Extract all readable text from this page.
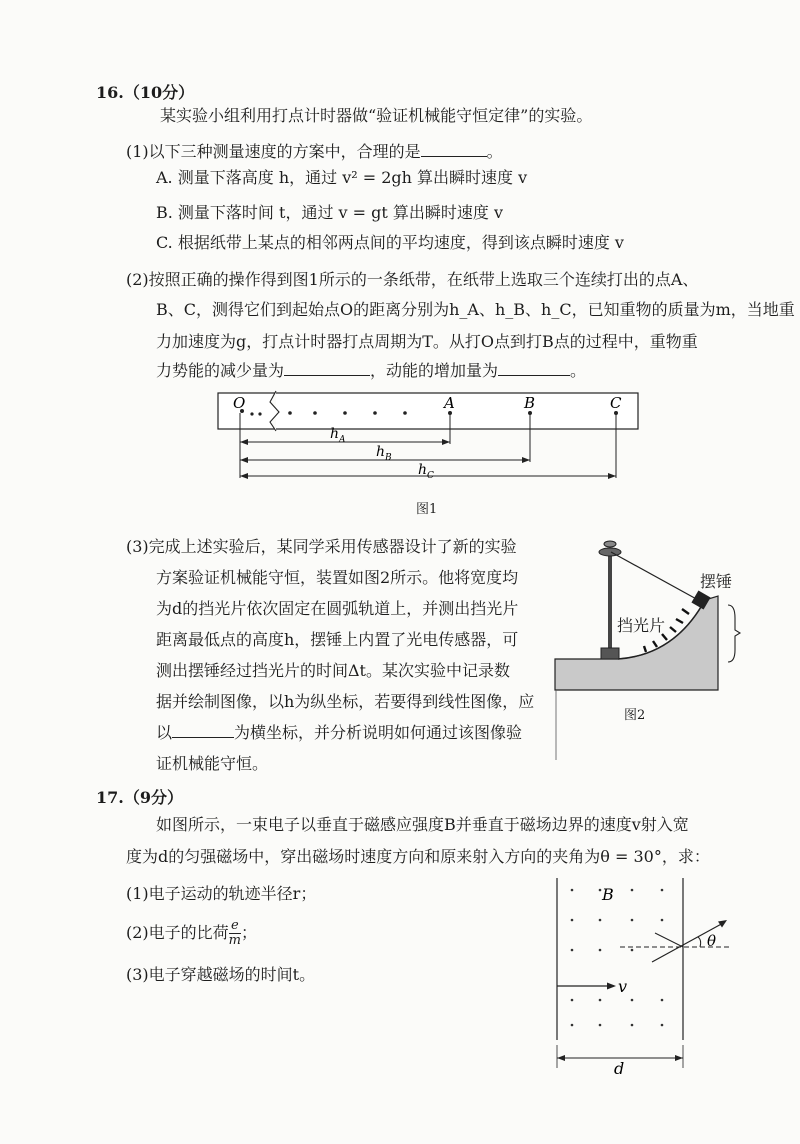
16.（10分）
某实验小组利用打点计时器做“验证机械能守恒定律”的实验。
(1)以下三种测量速度的方案中，合理的是	。
A. 测量下落高度 h，通过 v² = 2gh 算出瞬时速度 v
B. 测量下落时间 t，通过 v = gt 算出瞬时速度 v
C. 根据纸带上某点的相邻两点间的平均速度，得到该点瞬时速度 v
(2)按照正确的操作得到图1所示的一条纸带，在纸带上选取三个连续打出的点A、
B、C，测得它们到起始点O的距离分别为h_A、h_B、h_C，已知重物的质量为m，当地重
力加速度为g，打点计时器打点周期为T。从打O点到打B点的过程中，重物重
力势能的减少量为	，动能的增加量为	。
O	A	B	C
h A
h B
h C
图1
(3)完成上述实验后，某同学采用传感器设计了新的实验
方案验证机械能守恒，装置如图2所示。他将宽度均
为d的挡光片依次固定在圆弧轨道上，并测出挡光片
距离最低点的高度h，摆锤上内置了光电传感器，可
测出摆锤经过挡光片的时间Δt。某次实验中记录数
据并绘制图像，以h为纵坐标，若要得到线性图像，应
以	为横坐标，并分析说明如何通过该图像验
证机械能守恒。
摆锤
挡光片
图2
17.（9分）
如图所示，一束电子以垂直于磁感应强度B并垂直于磁场边界的速度v射入宽
度为d的匀强磁场中，穿出磁场时速度方向和原来射入方向的夹角为θ = 30°，求：
(1)电子运动的轨迹半径r；
(2)电子的比荷 $\frac{e}{m}$ ；
(3)电子穿越磁场的时间t。
B
v
θ
d
